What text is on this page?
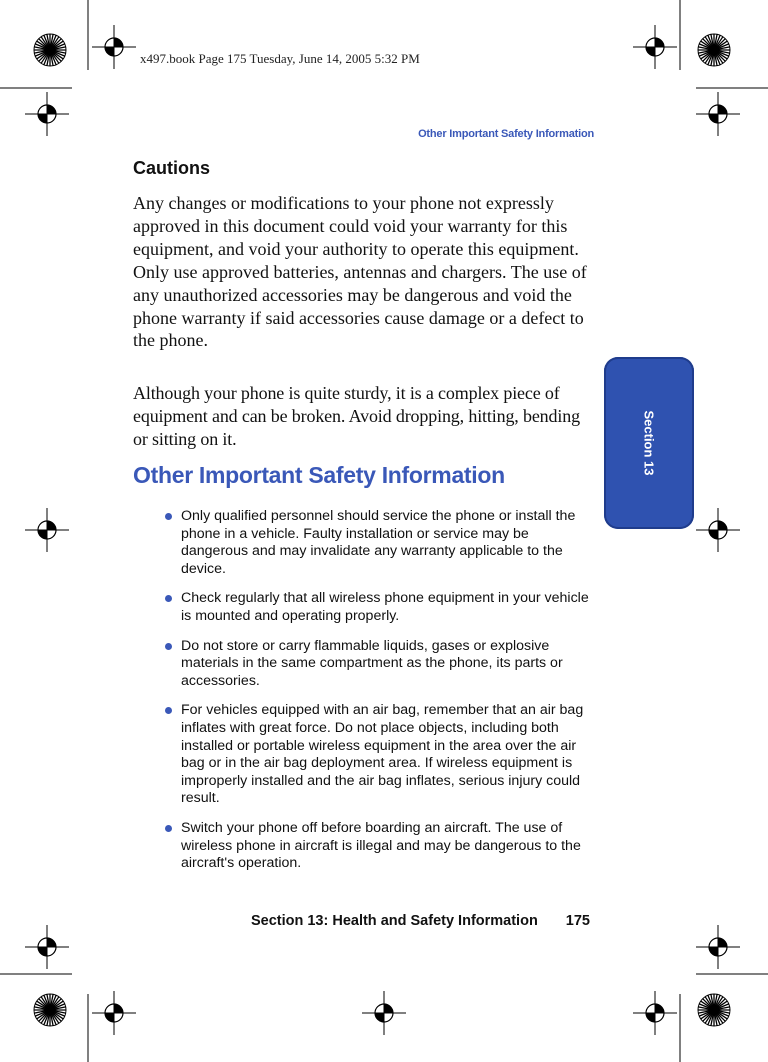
x497.book Page 175 Tuesday, June 14, 2005 5:32 PM
Other Important Safety Information
Cautions

Any changes or modifications to your phone not expressly approved in this document could void your warranty for this equipment, and void your authority to operate this equipment. Only use approved batteries, antennas and chargers. The use of any unauthorized accessories may be dangerous and void the phone warranty if said accessories cause damage or a defect to the phone.

Although your phone is quite sturdy, it is a complex piece of equipment and can be broken. Avoid dropping, hitting, bending or sitting on it.

Other Important Safety Information
Only qualified personnel should service the phone or install the phone in a vehicle. Faulty installation or service may be dangerous and may invalidate any warranty applicable to the device.
Check regularly that all wireless phone equipment in your vehicle is mounted and operating properly.
Do not store or carry flammable liquids, gases or explosive materials in the same compartment as the phone, its parts or accessories.
For vehicles equipped with an air bag, remember that an air bag inflates with great force. Do not place objects, including both installed or portable wireless equipment in the area over the air bag or in the air bag deployment area. If wireless equipment is improperly installed and the air bag inflates, serious injury could result.
Switch your phone off before boarding an aircraft. The use of wireless phone in aircraft is illegal and may be dangerous to the aircraft's operation.
Section 13
Section 13: Health and Safety Information 175
